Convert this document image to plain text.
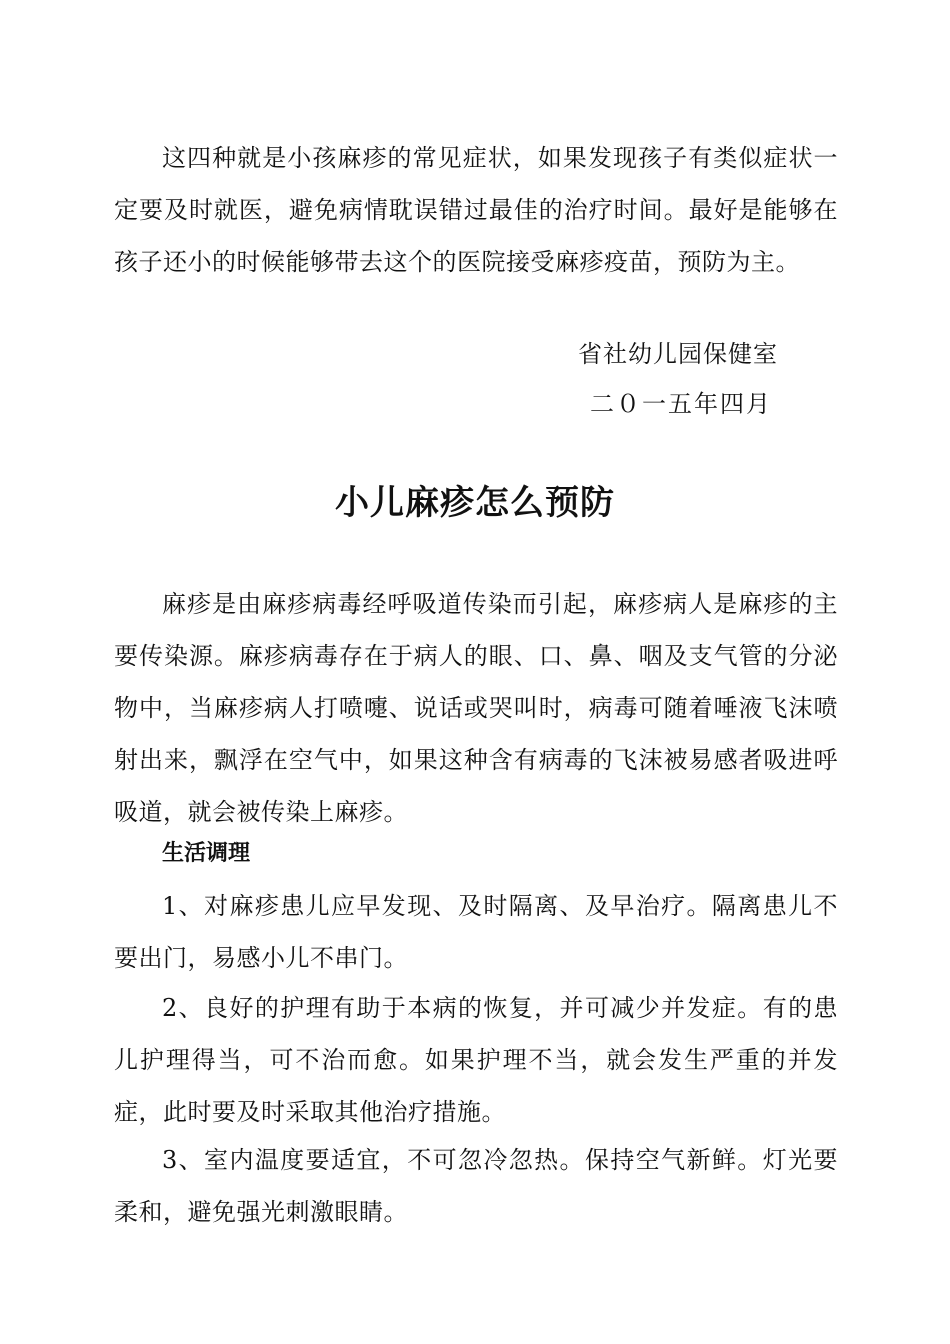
这四种就是小孩麻疹的常见症状，如果发现孩子有类似症状一定要及时就医，避免病情耽误错过最佳的治疗时间。最好是能够在孩子还小的时候能够带去这个的医院接受麻疹疫苗，预防为主。

省社幼儿园保健室

二０一五年四月

小儿麻疹怎么预防

麻疹是由麻疹病毒经呼吸道传染而引起，麻疹病人是麻疹的主要传染源。麻疹病毒存在于病人的眼、口、鼻、咽及支气管的分泌物中，当麻疹病人打喷嚏、说话或哭叫时，病毒可随着唾液飞沫喷射出来，飘浮在空气中，如果这种含有病毒的飞沫被易感者吸进呼吸道，就会被传染上麻疹。

生活调理

1、对麻疹患儿应早发现、及时隔离、及早治疗。隔离患儿不要出门，易感小儿不串门。

2、良好的护理有助于本病的恢复，并可减少并发症。有的患儿护理得当，可不治而愈。如果护理不当，就会发生严重的并发症，此时要及时采取其他治疗措施。

3、室内温度要适宜，不可忽冷忽热。保持空气新鲜。灯光要柔和，避免强光刺激眼睛。
